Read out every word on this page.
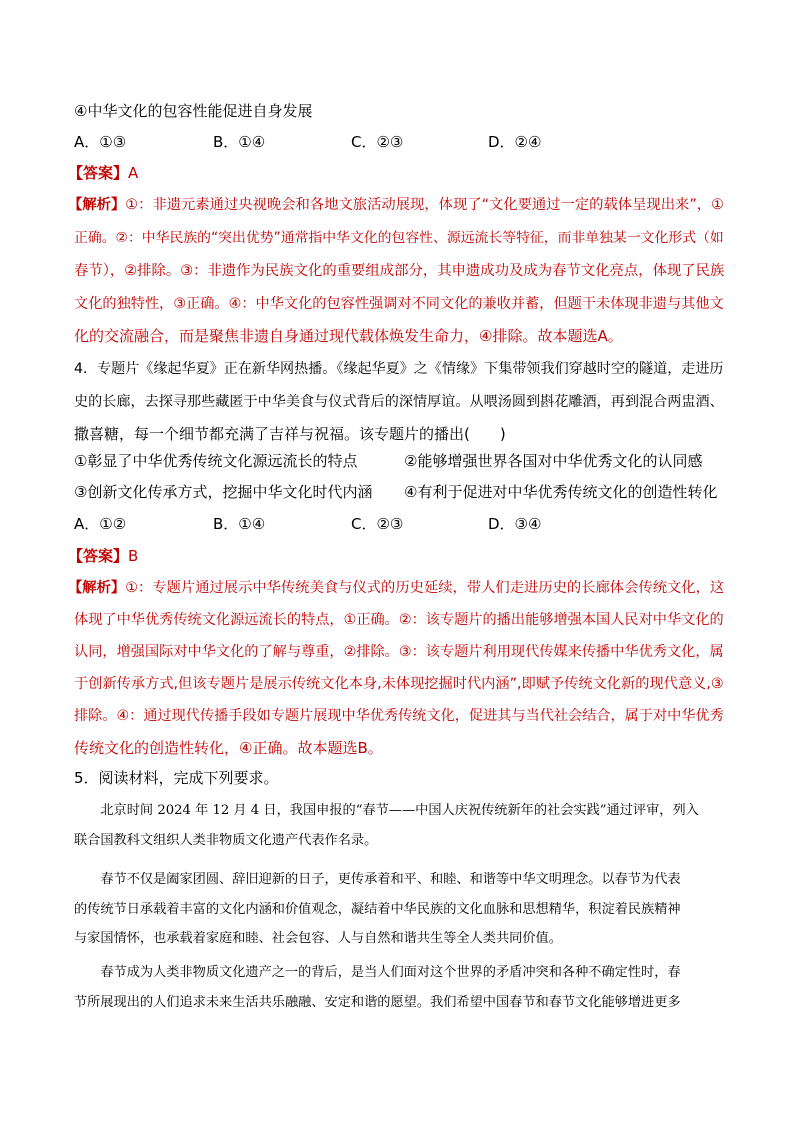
④中华文化的包容性能促进自身发展
A．①③	B．①④	C．②③	D．②④
【答案】A
【解析】①：非遗元素通过央视晚会和各地文旅活动展现，体现了“文化要通过一定的载体呈现出来”，①
正确。②：中华民族的“突出优势”通常指中华文化的包容性、源远流长等特征，而非单独某一文化形式（如
春节），②排除。③：非遗作为民族文化的重要组成部分，其申遗成功及成为春节文化亮点，体现了民族
文化的独特性，③正确。④：中华文化的包容性强调对不同文化的兼收并蓄，但题干未体现非遗与其他文
化的交流融合，而是聚焦非遗自身通过现代载体焕发生命力，④排除。故本题选A。
4．专题片《缘起华夏》正在新华网热播。《缘起华夏》之《情缘》下集带领我们穿越时空的隧道，走进历
史的长廊，去探寻那些藏匿于中华美食与仪式背后的深情厚谊。从喂汤圆到斟花雕酒，再到混合两盅酒、
撒喜糖，每一个细节都充满了吉祥与祝福。该专题片的播出(　　)
①彰显了中华优秀传统文化源远流长的特点	②能够增强世界各国对中华优秀文化的认同感
③创新文化传承方式，挖掘中华文化时代内涵 ④有利于促进对中华优秀传统文化的创造性转化
A．①②	B．①④	C．②③	D．③④
【答案】B
【解析】①：专题片通过展示中华传统美食与仪式的历史延续，带人们走进历史的长廊体会传统文化，这
体现了中华优秀传统文化源远流长的特点，①正确。②：该专题片的播出能够增强本国人民对中华文化的
认同，增强国际对中华文化的了解与尊重，②排除。③：该专题片利用现代传媒来传播中华优秀文化，属
于创新传承方式,但该专题片是展示传统文化本身,未体现挖掘时代内涵”,即赋予传统文化新的现代意义,③
排除。④：通过现代传播手段如专题片展现中华优秀传统文化，促进其与当代社会结合，属于对中华优秀
传统文化的创造性转化，④正确。故本题选B。
5．阅读材料，完成下列要求。
　　北京时间 2024 年 12 月 4 日，我国申报的“春节——中国人庆祝传统新年的社会实践”通过评审，列入
联合国教科文组织人类非物质文化遗产代表作名录。
　　春节不仅是阖家团圆、辞旧迎新的日子，更传承着和平、和睦、和谐等中华文明理念。以春节为代表
的传统节日承载着丰富的文化内涵和价值观念，凝结着中华民族的文化血脉和思想精华，积淀着民族精神
与家国情怀，也承载着家庭和睦、社会包容、人与自然和谐共生等全人类共同价值。
　　春节成为人类非物质文化遗产之一的背后，是当人们面对这个世界的矛盾冲突和各种不确定性时，春
节所展现出的人们追求未来生活共乐融融、安定和谐的愿望。我们希望中国春节和春节文化能够增进更多
